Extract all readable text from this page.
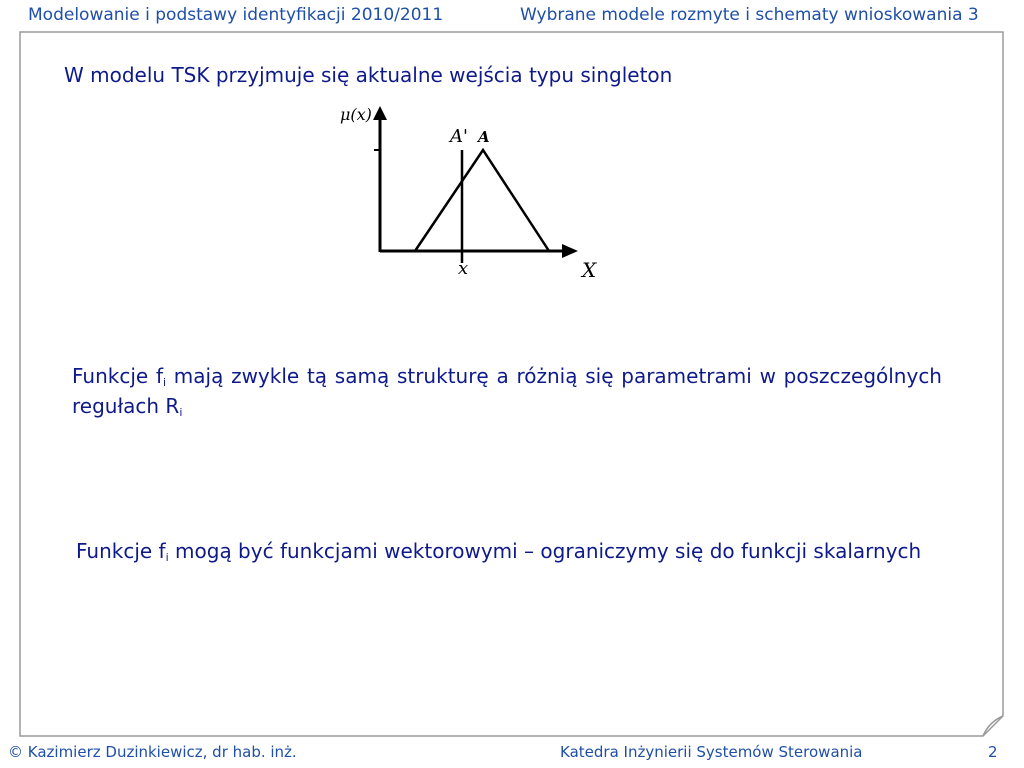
Modelowanie i podstawy identyfikacji 2010/2011	Wybrane modele rozmyte i schematy wnioskowania 3
W modelu TSK przyjmuje się aktualne wejścia typu singleton
μ(x)
A' A
x	X
Funkcje $f_i$ mają zwykle tą samą strukturę a różnią się parametrami w poszczególnych regułach $R_i$
Funkcje $f_i$ mogą być funkcjami wektorowymi – ograniczymy się do funkcji skalarnych
© Kazimierz Duzinkiewicz, dr hab. inż.	Katedra Inżynierii Systemów Sterowania	2
